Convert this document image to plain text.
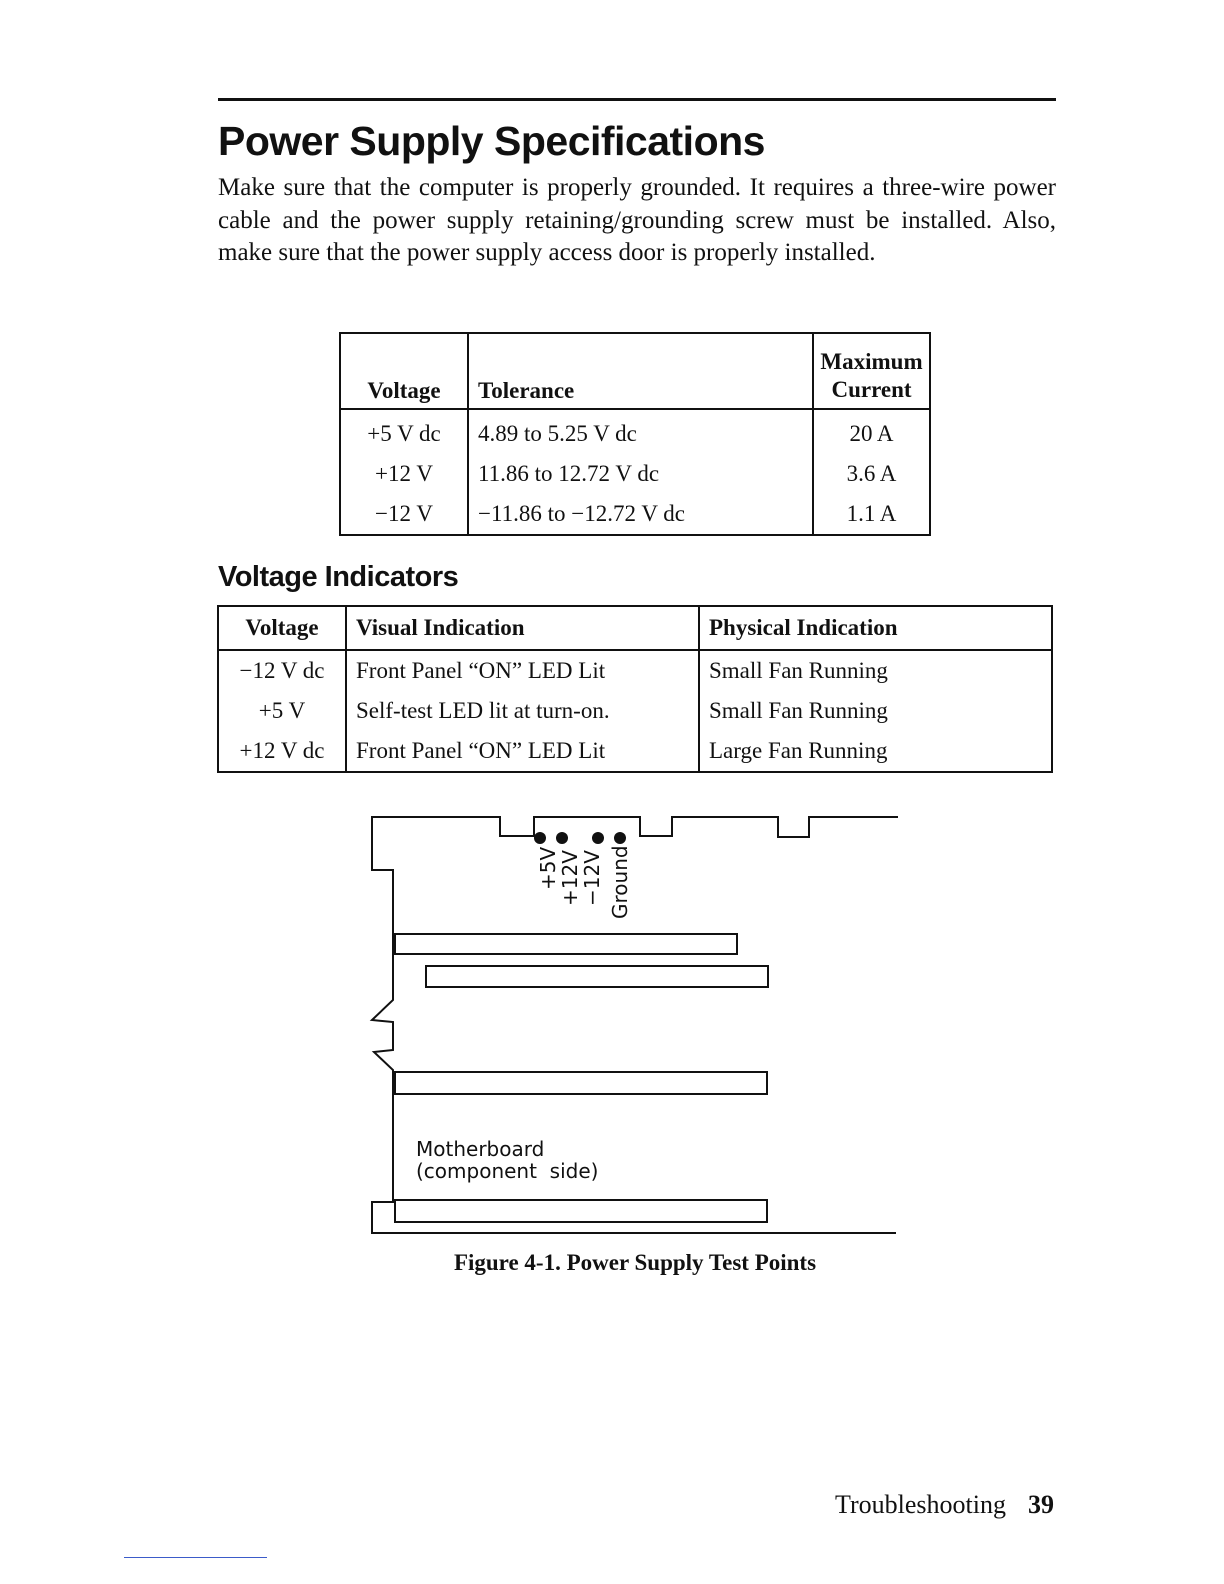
Power Supply Specifications

Make sure that the computer is properly grounded. It requires a three-wire power cable and the power supply retaining/grounding screw must be installed. Also, make sure that the power supply access door is properly installed.

Voltage	Tolerance	Maximum Current
+5 V dc	4.89 to 5.25 V dc	20 A
+12 V	11.86 to 12.72 V dc	3.6 A
−12 V	−11.86 to −12.72 V dc	1.1 A
Voltage Indicators
Voltage	Visual Indication	Physical Indication
−12 V dc	Front Panel “ON” LED Lit	Small Fan Running
+5 V	Self-test LED lit at turn-on.	Small Fan Running
+12 V dc	Front Panel “ON” LED Lit	Large Fan Running
+5V
+12V
−12V Ground
Motherboard
(component  side)

Figure 4-1. Power Supply Test Points

Troubleshooting 39
